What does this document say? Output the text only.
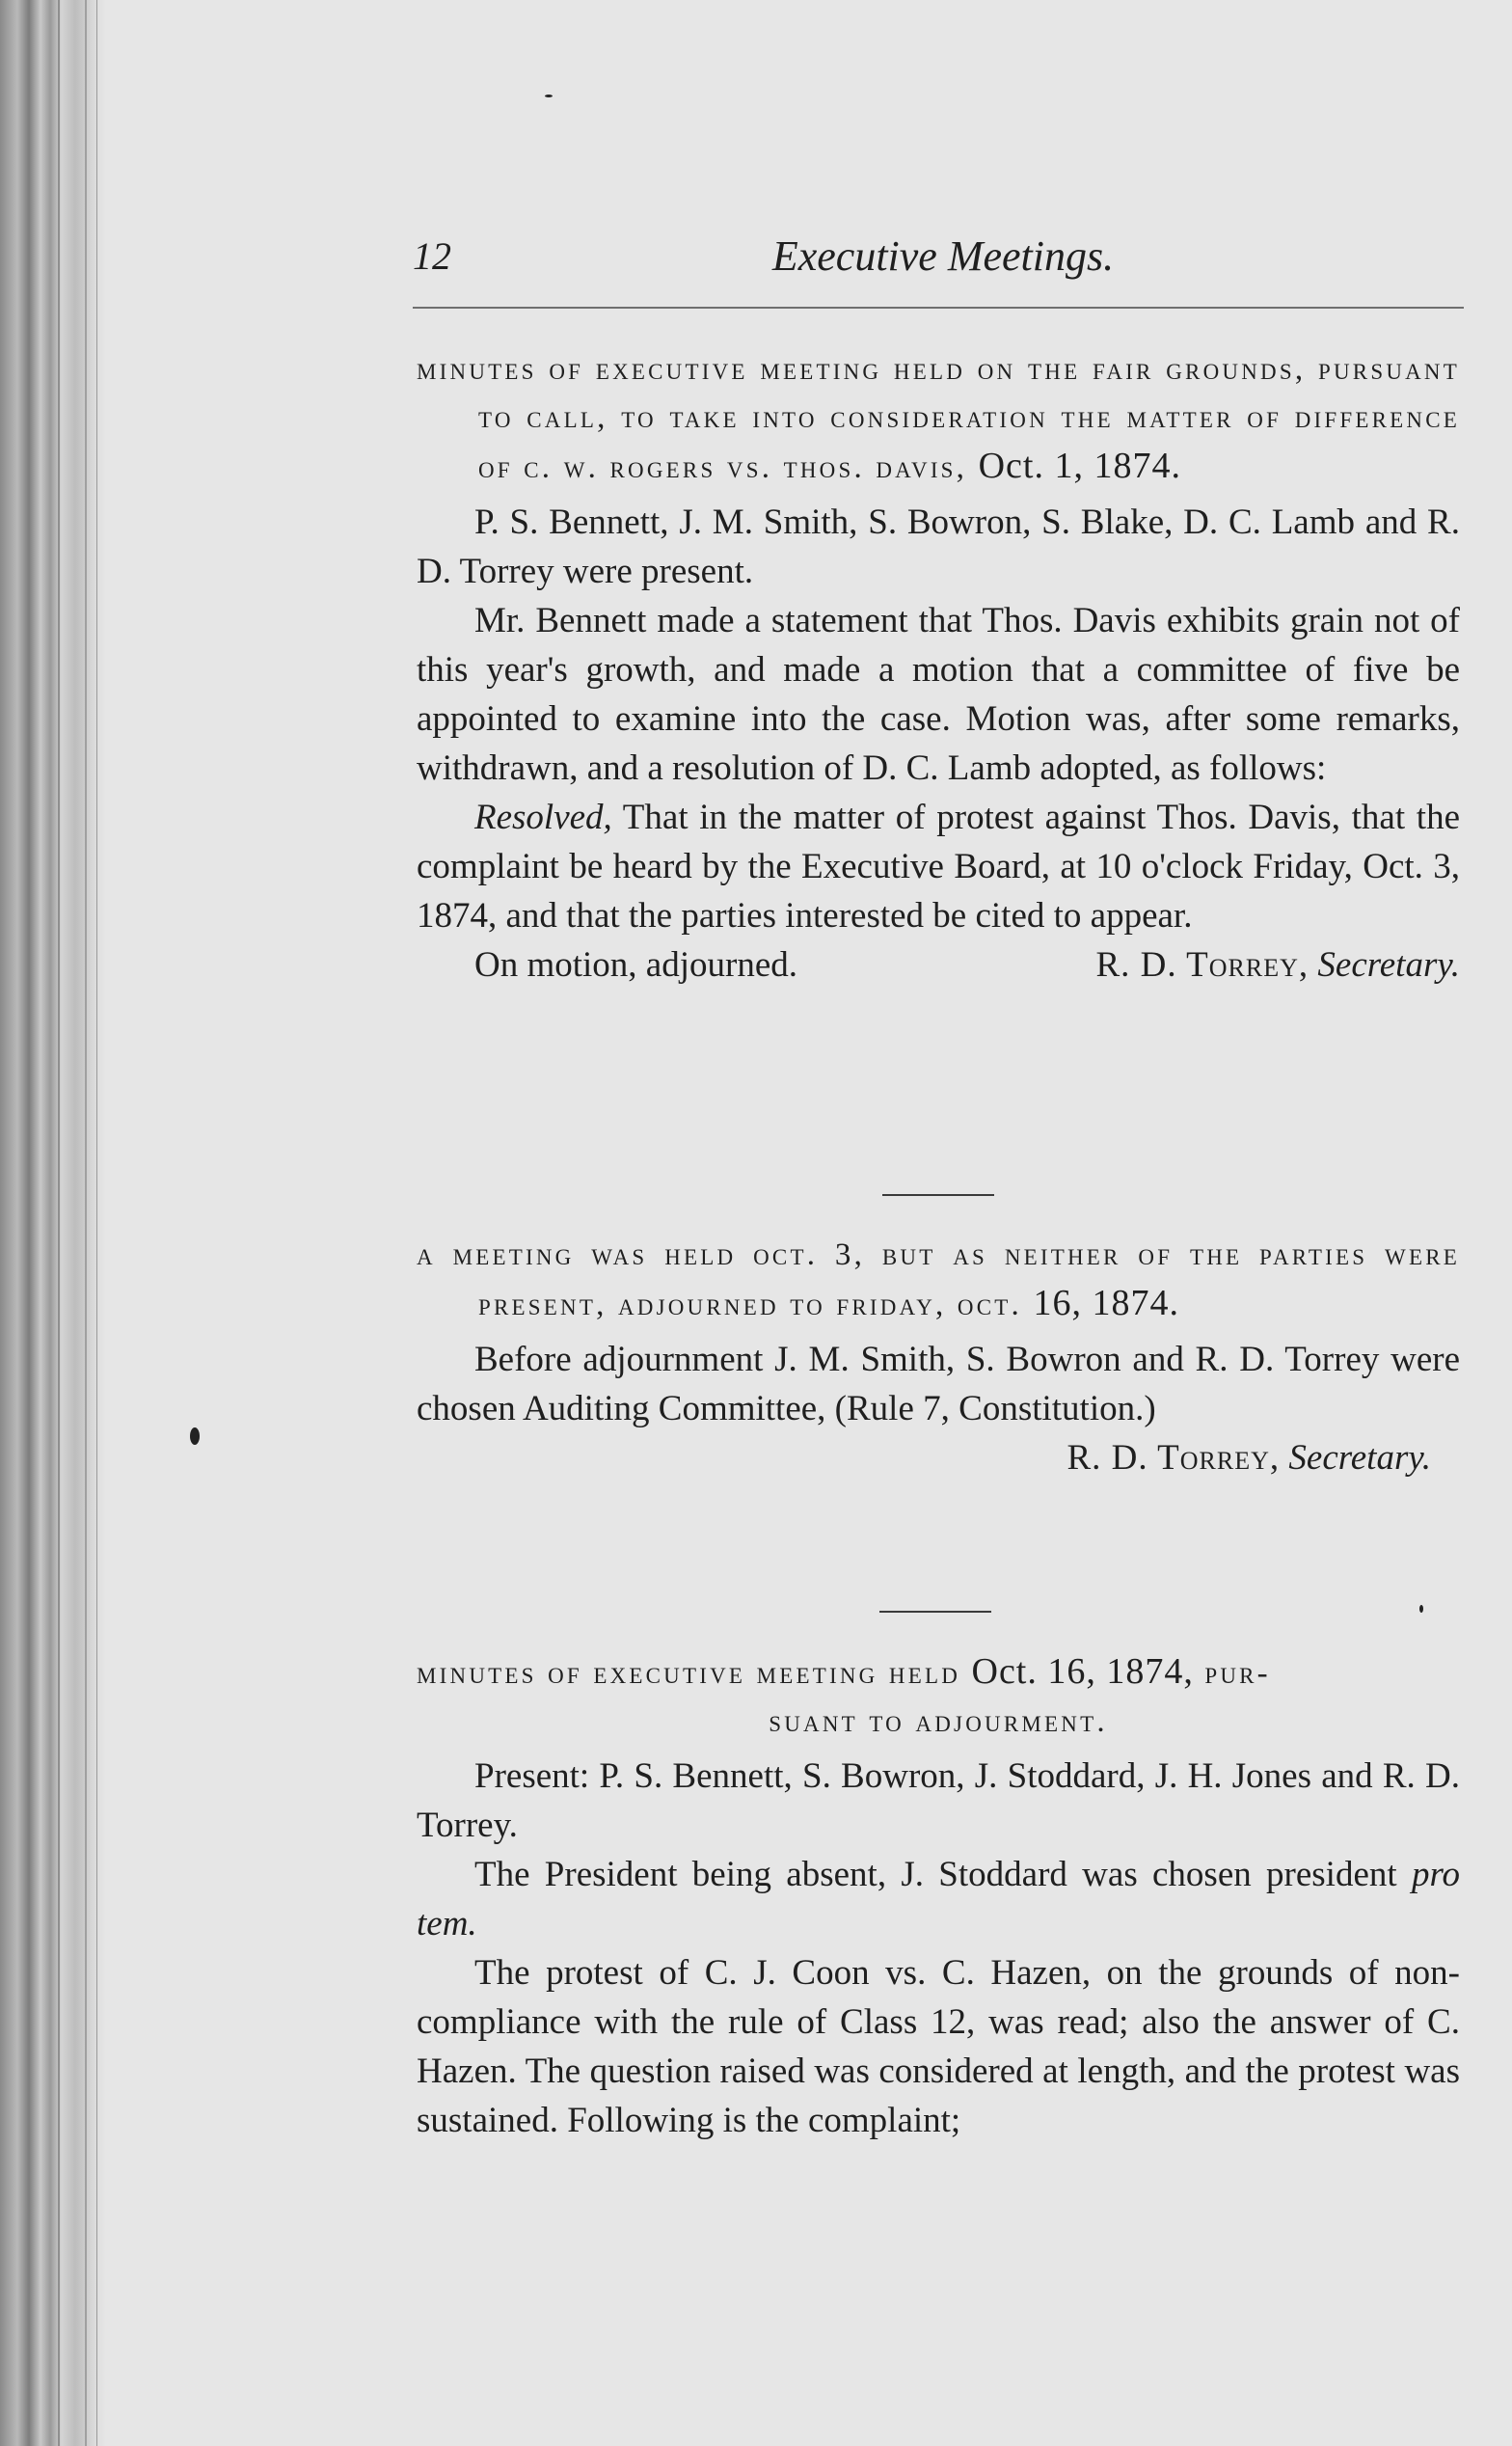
12	Executive Meetings.

minutes of executive meeting held on the fair grounds, pursuant to call, to take into consideration the matter of difference of c. w. rogers vs. thos. davis, Oct. 1, 1874.

P. S. Bennett, J. M. Smith, S. Bowron, S. Blake, D. C. Lamb and R. D. Torrey were present.

Mr. Bennett made a statement that Thos. Davis exhibits grain not of this year's growth, and made a motion that a committee of five be appointed to examine into the case. Motion was, after some remarks, withdrawn, and a resolution of D. C. Lamb adopted, as follows:

Resolved, That in the matter of protest against Thos. Davis, that the complaint be heard by the Executive Board, at 10 o'clock Friday, Oct. 3, 1874, and that the parties interested be cited to appear.

On motion, adjourned.	R. D. Torrey, Secretary.

a meeting was held oct. 3, but as neither of the parties were present, adjourned to friday, oct. 16, 1874.

Before adjournment J. M. Smith, S. Bowron and R. D. Torrey were chosen Auditing Committee, (Rule 7, Constitution.)

R. D. Torrey, Secretary.

minutes of executive meeting held Oct. 16, 1874, pur-

suant to adjourment.

Present: P. S. Bennett, S. Bowron, J. Stoddard, J. H. Jones and R. D. Torrey.

The President being absent, J. Stoddard was chosen president pro tem.

The protest of C. J. Coon vs. C. Hazen, on the grounds of non-compliance with the rule of Class 12, was read; also the answer of C. Hazen. The question raised was considered at length, and the protest was sustained. Following is the complaint;
